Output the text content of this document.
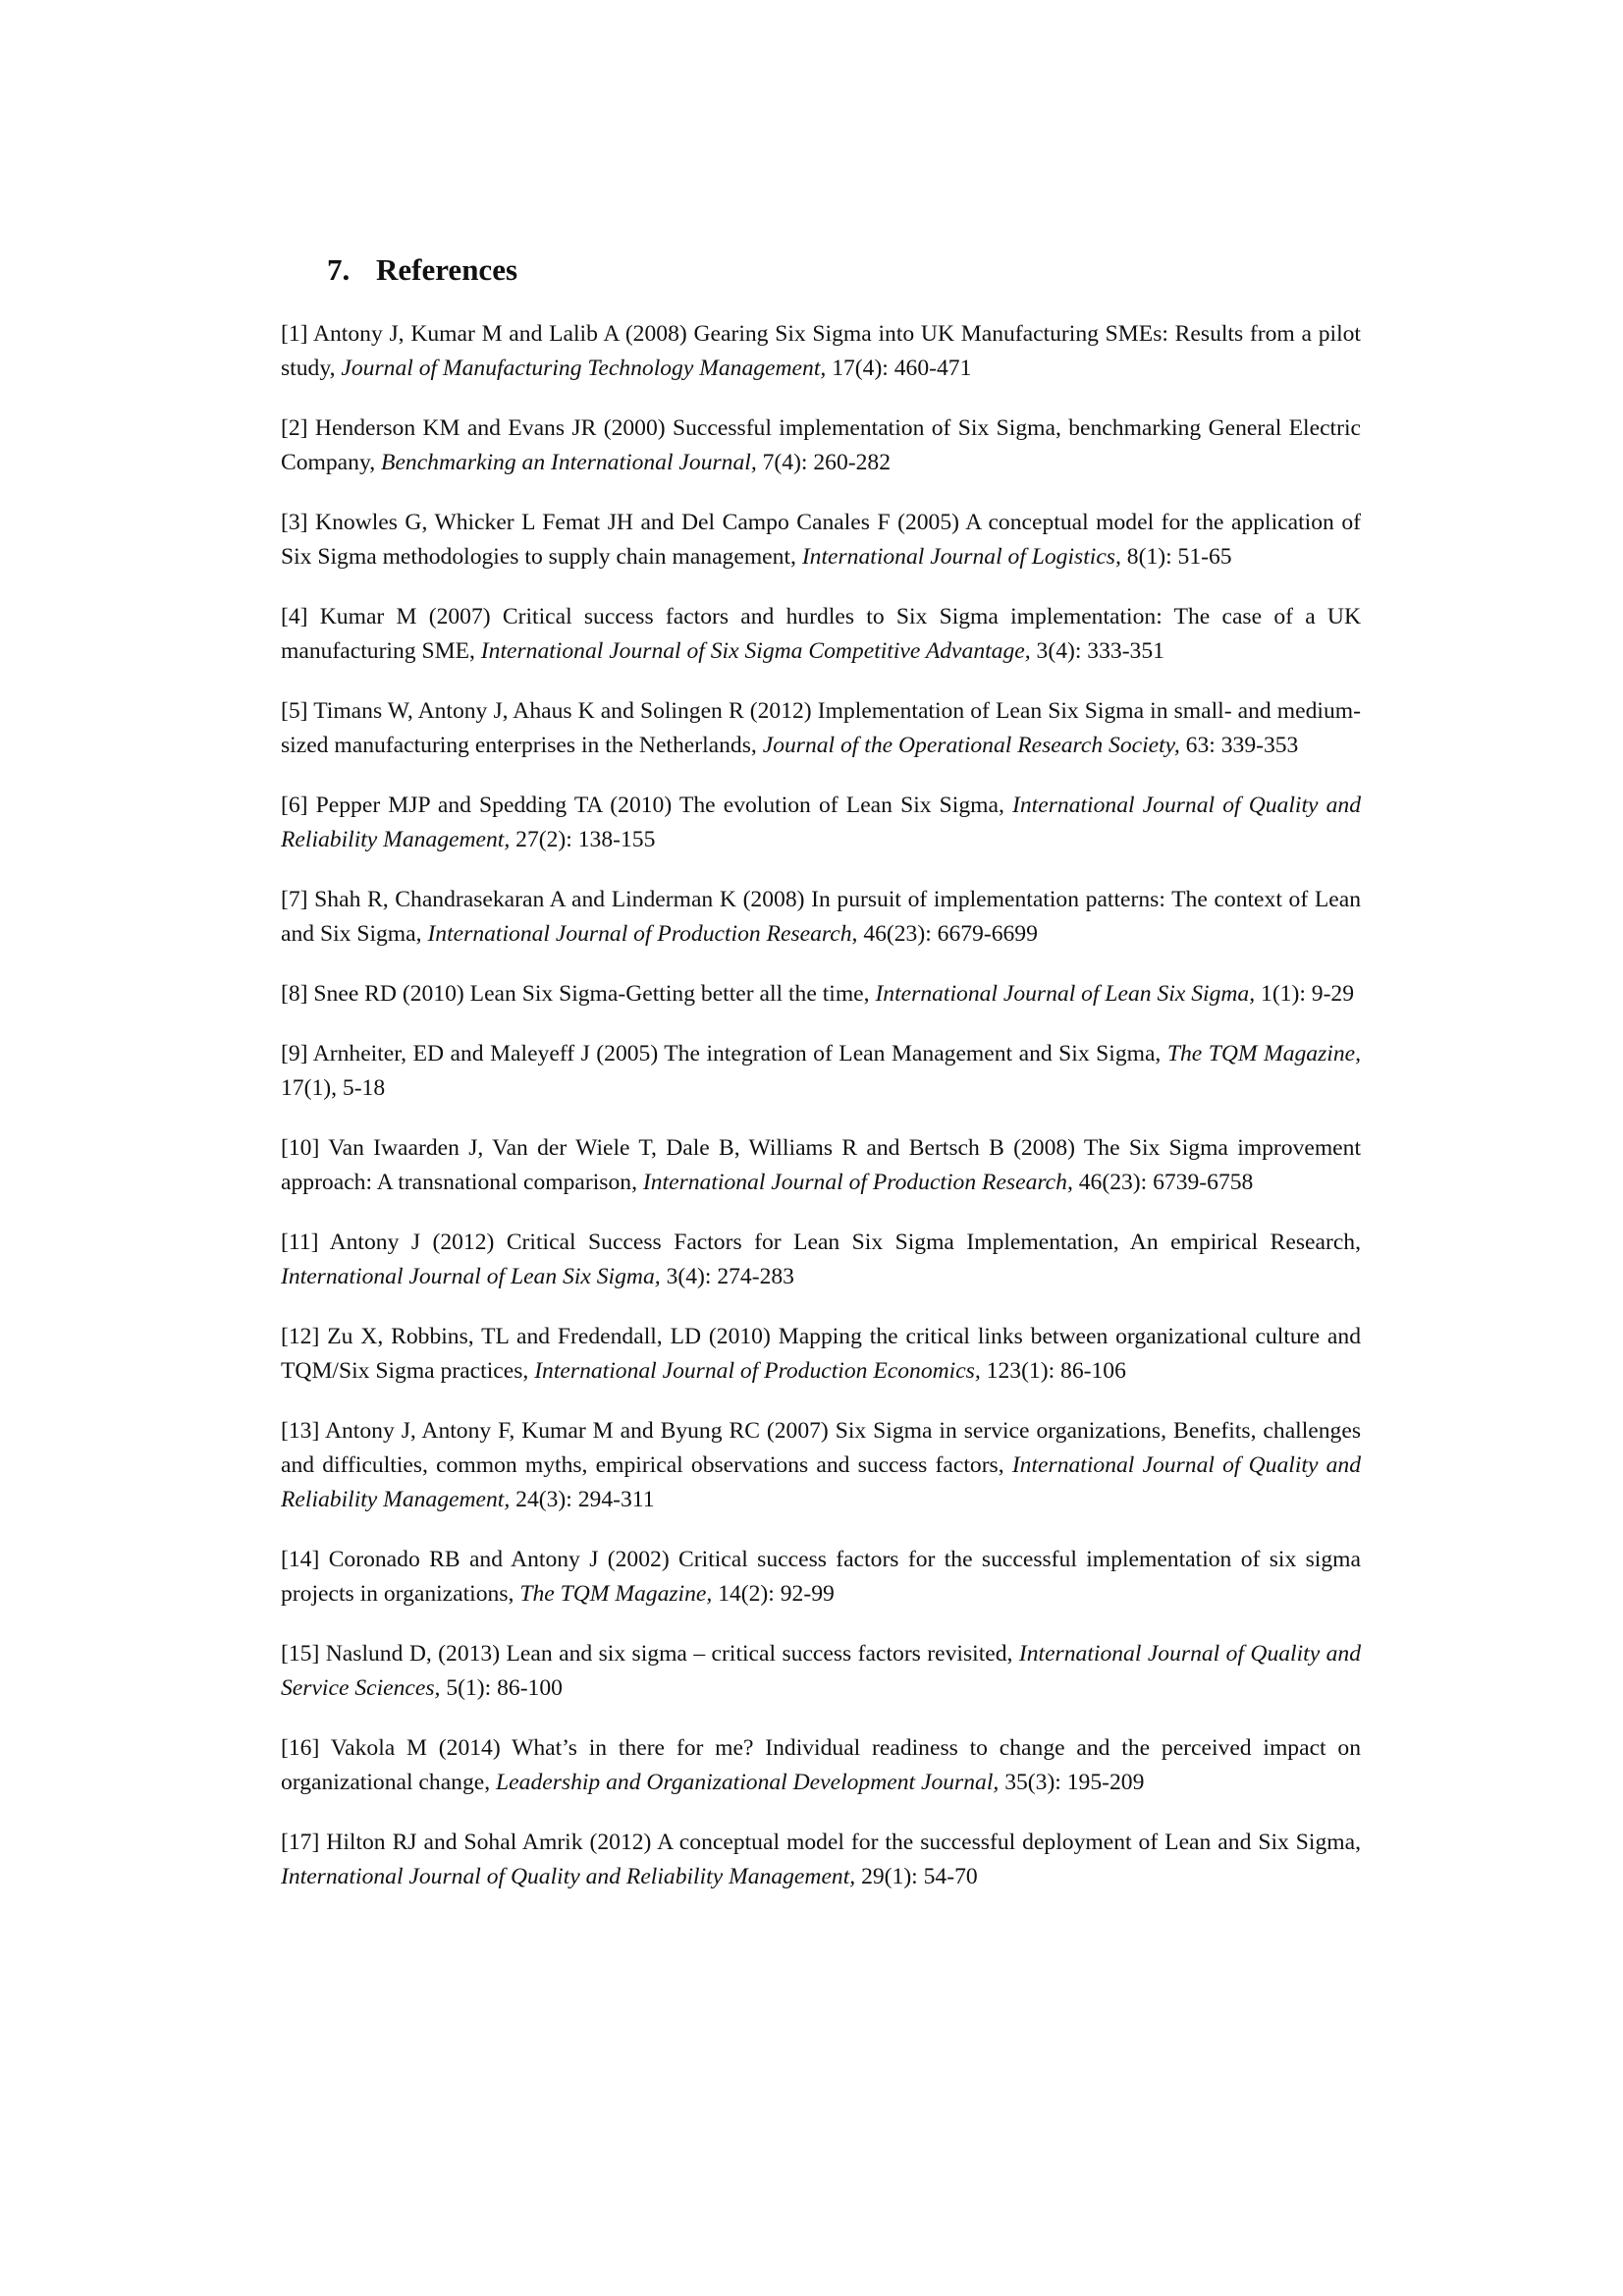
7. References

[1] Antony J, Kumar M and Lalib A (2008) Gearing Six Sigma into UK Manufacturing SMEs: Results from a pilot study, Journal of Manufacturing Technology Management, 17(4): 460-471

[2] Henderson KM and Evans JR (2000) Successful implementation of Six Sigma, benchmarking General Electric Company, Benchmarking an International Journal, 7(4): 260-282

[3] Knowles G, Whicker L Femat JH and Del Campo Canales F (2005) A conceptual model for the application of Six Sigma methodologies to supply chain management, International Journal of Logistics, 8(1): 51-65

[4] Kumar M (2007) Critical success factors and hurdles to Six Sigma implementation: The case of a UK manufacturing SME, International Journal of Six Sigma Competitive Advantage, 3(4): 333-351

[5] Timans W, Antony J, Ahaus K and Solingen R (2012) Implementation of Lean Six Sigma in small- and medium-sized manufacturing enterprises in the Netherlands, Journal of the Operational Research Society, 63: 339-353

[6] Pepper MJP and Spedding TA (2010) The evolution of Lean Six Sigma, International Journal of Quality and Reliability Management, 27(2): 138-155

[7] Shah R, Chandrasekaran A and Linderman K (2008) In pursuit of implementation patterns: The context of Lean and Six Sigma, International Journal of Production Research, 46(23): 6679-6699

[8] Snee RD (2010) Lean Six Sigma-Getting better all the time, International Journal of Lean Six Sigma, 1(1): 9-29

[9] Arnheiter, ED and Maleyeff J (2005) The integration of Lean Management and Six Sigma, The TQM Magazine, 17(1), 5-18

[10] Van Iwaarden J, Van der Wiele T, Dale B, Williams R and Bertsch B (2008) The Six Sigma improvement approach: A transnational comparison, International Journal of Production Research, 46(23): 6739-6758

[11] Antony J (2012) Critical Success Factors for Lean Six Sigma Implementation, An empirical Research, International Journal of Lean Six Sigma, 3(4): 274-283

[12] Zu X, Robbins, TL and Fredendall, LD (2010) Mapping the critical links between organizational culture and TQM/Six Sigma practices, International Journal of Production Economics, 123(1): 86-106

[13] Antony J, Antony F, Kumar M and Byung RC (2007) Six Sigma in service organizations, Benefits, challenges and difficulties, common myths, empirical observations and success factors, International Journal of Quality and Reliability Management, 24(3): 294-311

[14] Coronado RB and Antony J (2002) Critical success factors for the successful implementation of six sigma projects in organizations, The TQM Magazine, 14(2): 92-99

[15] Naslund D, (2013) Lean and six sigma – critical success factors revisited, International Journal of Quality and Service Sciences, 5(1): 86-100

[16] Vakola M (2014) What’s in there for me? Individual readiness to change and the perceived impact on organizational change, Leadership and Organizational Development Journal, 35(3): 195-209

[17] Hilton RJ and Sohal Amrik (2012) A conceptual model for the successful deployment of Lean and Six Sigma, International Journal of Quality and Reliability Management, 29(1): 54-70
